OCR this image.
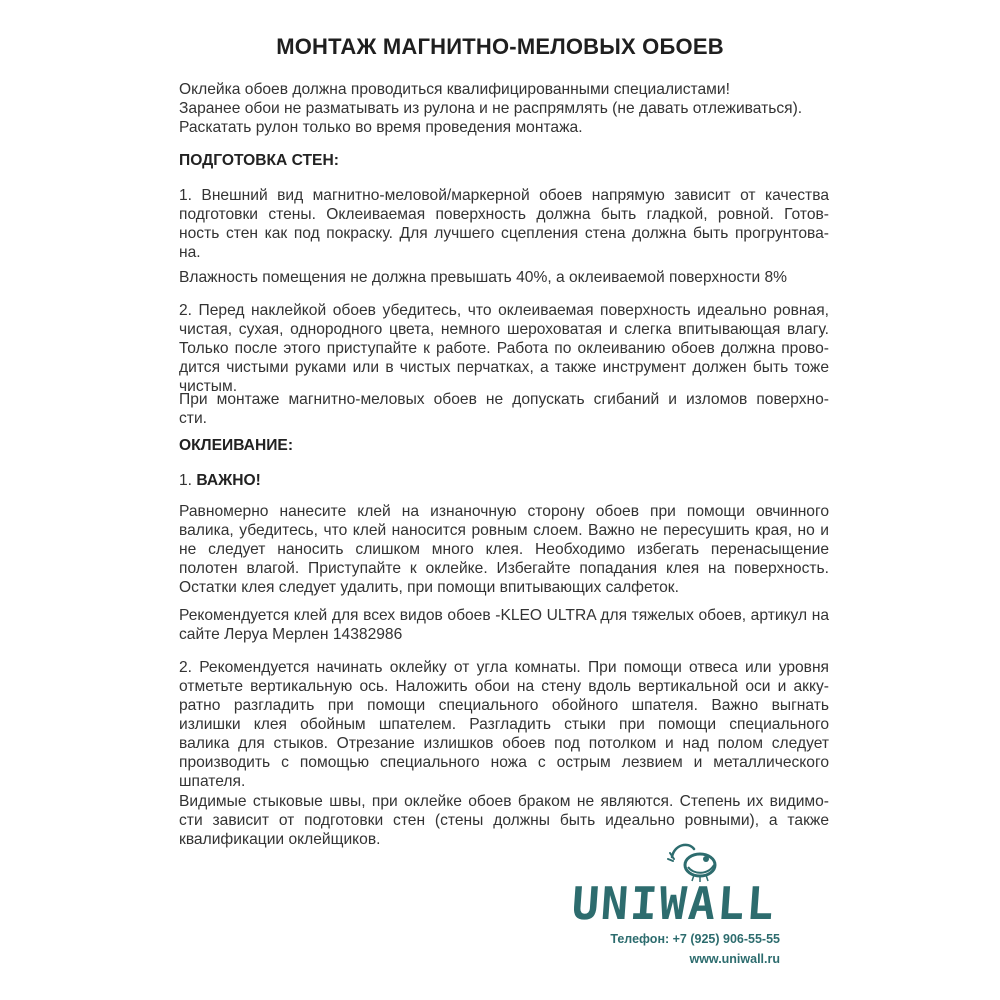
МОНТАЖ МАГНИТНО-МЕЛОВЫХ ОБОЕВ
Оклейка обоев должна проводиться квалифицированными специалистами!
Заранее обои не разматывать из рулона и не распрямлять (не давать отлеживаться).
Раскатать рулон только во время проведения монтажа.
ПОДГОТОВКА СТЕН:
1. Внешний вид магнитно-меловой/маркерной обоев напрямую зависит от качества
подготовки стены. Оклеиваемая поверхность должна быть гладкой, ровной. Готов-
ность стен как под покраску. Для лучшего сцепления стена должна быть прогрунтова-
на.
Влажность помещения не должна превышать 40%, а оклеиваемой поверхности 8%
2. Перед наклейкой обоев убедитесь, что оклеиваемая поверхность идеально ровная,
чистая, сухая, однородного цвета, немного шероховатая и слегка впитывающая влагу.
Только после этого приступайте к работе. Работа по оклеиванию обоев должна прово-
дится чистыми руками или в чистых перчатках, а также инструмент должен быть тоже
чистым.
При монтаже магнитно-меловых обоев не допускать сгибаний и изломов поверхно-
сти.
ОКЛЕИВАНИЕ:
1. ВАЖНО!
Равномерно нанесите клей на изнаночную сторону обоев при помощи овчинного
валика, убедитесь, что клей наносится ровным слоем. Важно не пересушить края, но и
не следует наносить слишком много клея. Необходимо избегать перенасыщение
полотен влагой. Приступайте к оклейке. Избегайте попадания клея на поверхность.
Остатки клея следует удалить, при помощи впитывающих салфеток.
Рекомендуется клей для всех видов обоев -KLEO ULTRA для тяжелых обоев, артикул на
сайте Леруа Мерлен 14382986
2. Рекомендуется начинать оклейку от угла комнаты. При помощи отвеса или уровня
отметьте вертикальную ось. Наложить обои на стену вдоль вертикальной оси и акку-
ратно разгладить при помощи специального обойного шпателя. Важно выгнать
излишки клея обойным шпателем. Разгладить стыки при помощи специального
валика для стыков. Отрезание излишков обоев под потолком и над полом следует
производить с помощью специального ножа с острым лезвием и металлического
шпателя.
Видимые стыковые швы, при оклейке обоев браком не являются. Степень их видимо-
сти зависит от подготовки стен (стены должны быть идеально ровными), а также
квалификации оклейщиков.
UNIWALL
Телефон: +7 (925) 906-55-55
www.uniwall.ru
